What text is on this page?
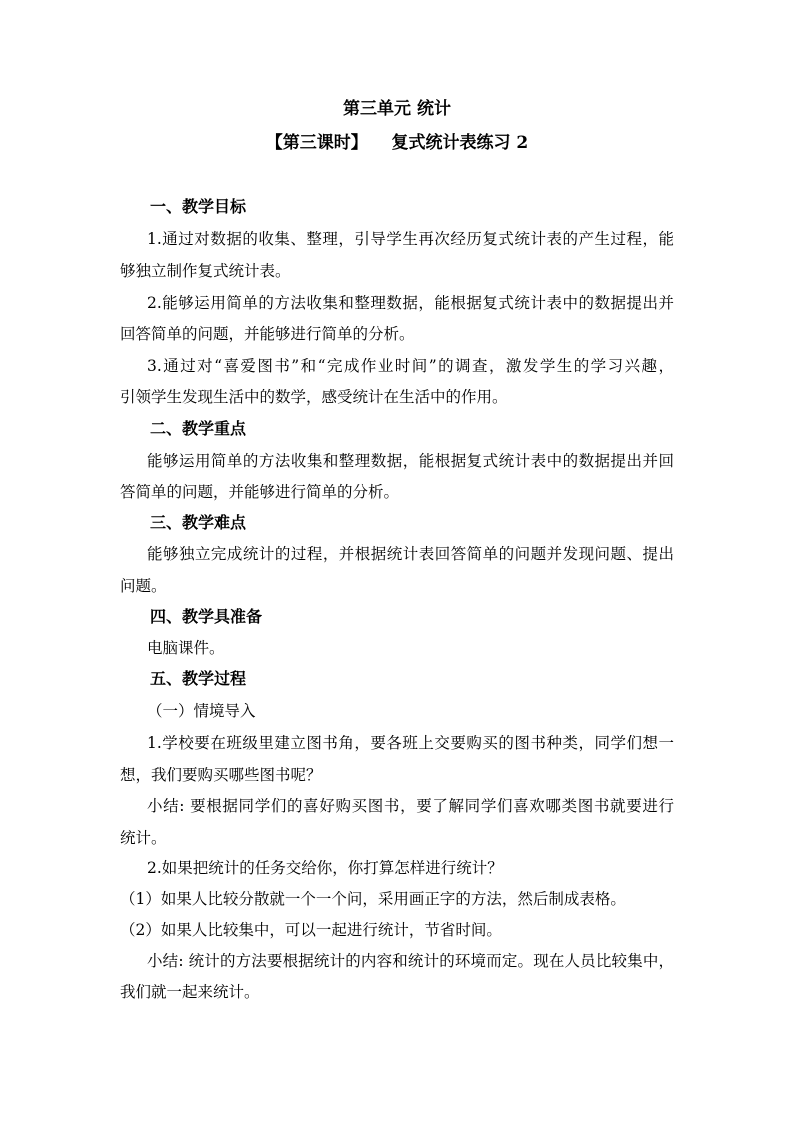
第三单元 统计
【第三课时】    复式统计表练习 2
一、教学目标
1.通过对数据的收集、整理，引导学生再次经历复式统计表的产生过程，能
够独立制作复式统计表。
2.能够运用简单的方法收集和整理数据，能根据复式统计表中的数据提出并
回答简单的问题，并能够进行简单的分析。
3.通过对“喜爱图书”和“完成作业时间”的调查，激发学生的学习兴趣，
引领学生发现生活中的数学，感受统计在生活中的作用。
二、教学重点
能够运用简单的方法收集和整理数据，能根据复式统计表中的数据提出并回
答简单的问题，并能够进行简单的分析。
三、教学难点
能够独立完成统计的过程，并根据统计表回答简单的问题并发现问题、提出
问题。
四、教学具准备
电脑课件。
五、教学过程
（一）情境导入
1.学校要在班级里建立图书角，要各班上交要购买的图书种类，同学们想一
想，我们要购买哪些图书呢？
小结: 要根据同学们的喜好购买图书，要了解同学们喜欢哪类图书就要进行
统计。
2.如果把统计的任务交给你，你打算怎样进行统计？
（1）如果人比较分散就一个一个问，采用画正字的方法，然后制成表格。
（2）如果人比较集中，可以一起进行统计，节省时间。
小结: 统计的方法要根据统计的内容和统计的环境而定。现在人员比较集中，
我们就一起来统计。
